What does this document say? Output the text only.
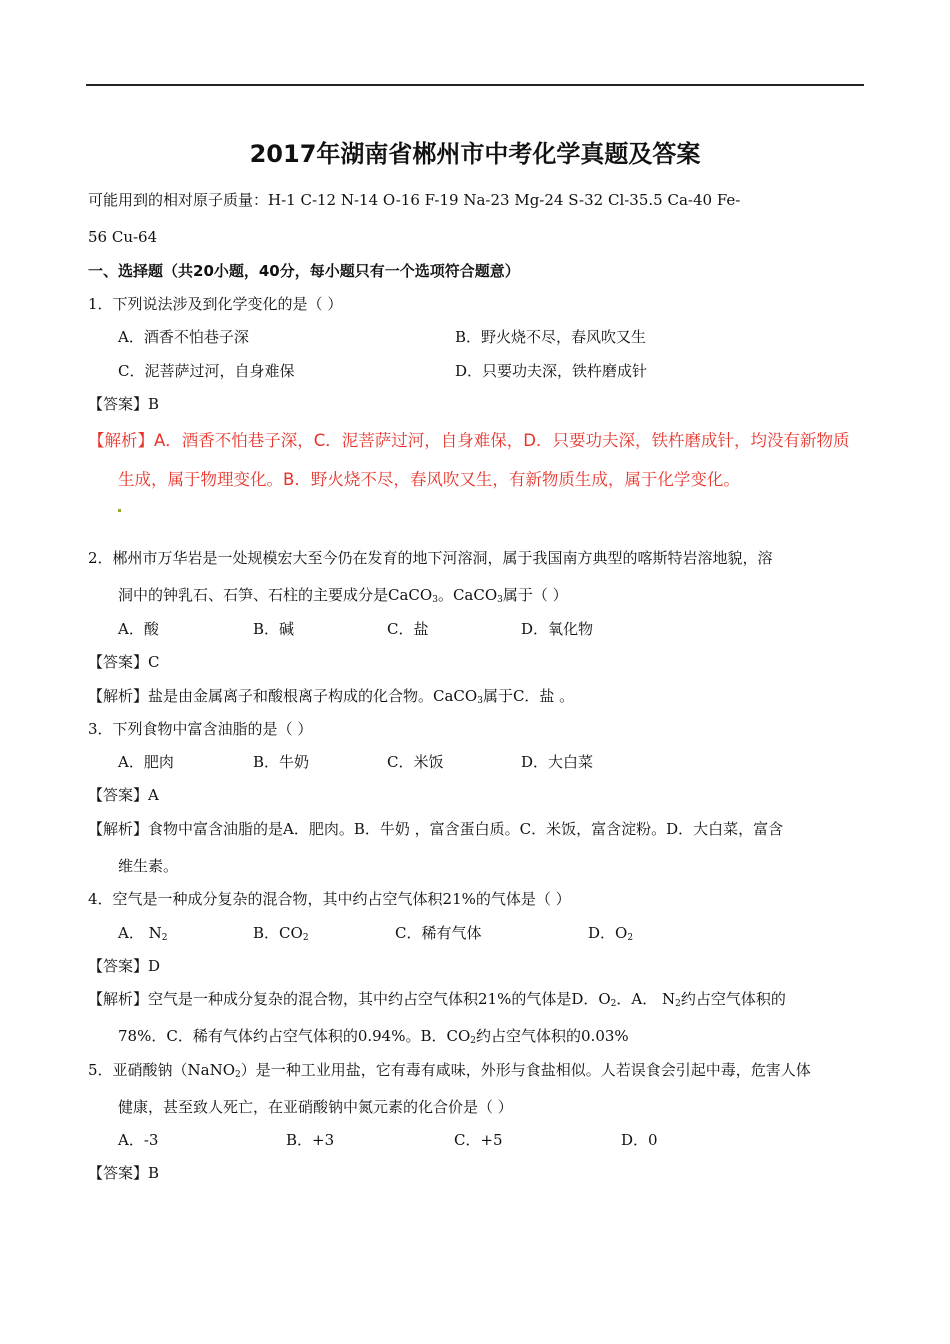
2017年湖南省郴州市中考化学真题及答案
可能用到的相对原子质量：H-1 C-12 N-14 O-16 F-19 Na-23 Mg-24 S-32 Cl-35.5 Ca-40 Fe-
56 Cu-64
一、选择题（共20小题，40分，每小题只有一个选项符合题意）
1．下列说法涉及到化学变化的是（ ）
A．酒香不怕巷子深	B．野火烧不尽，春风吹又生
C．泥菩萨过河，自身难保	D．只要功夫深，铁杵磨成针
【答案】B
【解析】A．酒香不怕巷子深，C．泥菩萨过河，自身难保，D．只要功夫深，铁杵磨成针，均没有新物质
生成，属于物理变化。B．野火烧不尽，春风吹又生，有新物质生成，属于化学变化。
2．郴州市万华岩是一处规模宏大至今仍在发育的地下河溶洞，属于我国南方典型的喀斯特岩溶地貌，溶
洞中的钟乳石、石笋、石柱的主要成分是CaCO$_3$。CaCO$_3$属于（ ）
A．酸	B．碱	C．盐	D．氧化物
【答案】C
【解析】盐是由金属离子和酸根离子构成的化合物。CaCO$_3$属于C．盐 。
3．下列食物中富含油脂的是（ ）
A．肥肉	B．牛奶	C．米饭	D．大白菜
【答案】A
【解析】食物中富含油脂的是A．肥肉。B．牛奶 ，富含蛋白质。C．米饭，富含淀粉。D．大白菜，富含
维生素。
4．空气是一种成分复杂的混合物，其中约占空气体积21%的气体是（ ）
A． $N_2$	B．$CO_2$	C．稀有气体	D．$O_2$
【答案】D
【解析】空气是一种成分复杂的混合物，其中约占空气体积21%的气体是D．$O_2$．A． $N_2$约占空气体积的
78%．C．稀有气体约占空气体积的0.94%。B．$CO_2$约占空气体积的0.03%
5．亚硝酸钠（NaNO$_2$）是一种工业用盐，它有毒有咸味，外形与食盐相似。人若误食会引起中毒，危害人体
健康，甚至致人死亡，在亚硝酸钠中氮元素的化合价是（ ）
A．-3	B．+3	C．+5	D．0
【答案】B
